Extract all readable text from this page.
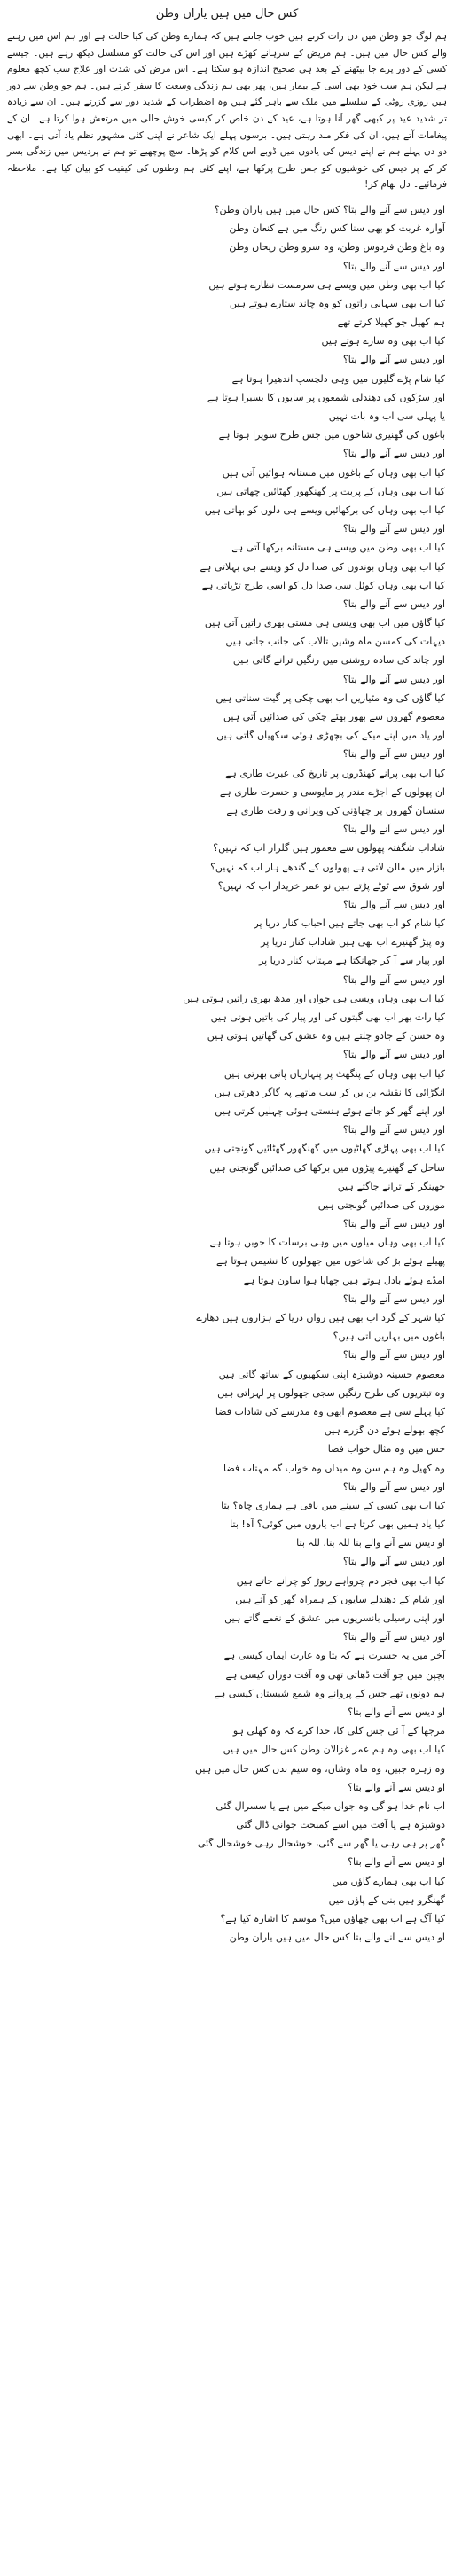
کس حال میں ہیں یاران وطن

ہم لوگ جو وطن میں دن رات کرتے ہیں خوب جانتے ہیں کہ ہمارے وطن کی کیا حالت ہے اور ہم اس میں رہنے والے کس حال میں ہیں۔ ہم مریض کے سرہانے کھڑے ہیں اور اس کی حالت کو مسلسل دیکھ رہے ہیں۔ جیسے کسی کے دور پرے جا بیٹھنے کے بعد ہی صحیح اندازہ ہو سکتا ہے۔ اس مرض کی شدت اور علاج سب کچھ معلوم ہے لیکن ہم سب خود بھی اسی کے بیمار ہیں، پھر بھی ہم زندگی وسعت کا سفر کرتے ہیں۔ ہم جو وطن سے دور ہیں روزی روٹی کے سلسلے میں ملک سے باہر گئے ہیں وہ اضطراب کے شدید دور سے گزرتے ہیں۔ ان سے زیادہ تر شدید عید پر کبھی گھر آنا ہوتا ہے، عید کے دن خاص کر کیسی خوش حالی میں مرتعش ہوا کرتا ہے۔ ان کے پیغامات آتے ہیں، ان کی فکر مند رہتی ہیں۔ برسوں پہلے ایک شاعر نے اپنی کئی مشہور نظم یاد آتی ہے۔ ابھی دو دن پہلے ہم نے اپنے دیس کی یادوں میں ڈوبے اس کلام کو پڑھا۔ سچ پوچھیے تو ہم نے پردیس میں زندگی بسر کر کے پر دیس کی خوشیوں کو جس طرح پرکھا ہے، اپنے کئی ہم وطنوں کی کیفیت کو بیان کیا ہے۔ ملاحظہ فرمائیے۔ دل تھام کر!

اور دیس سے آنے والے بتا؟ کس حال میں ہیں یاران وطن؟
آوارہ غربت کو بھی سنا کس رنگ میں ہے کنعان وطن
وہ باغ وطن فردوس وطن، وہ سرو وطن ریحان وطن
اور دیس سے آنے والے بتا؟
کیا اب بھی وطن میں ویسے ہی سرمست نظارے ہوتے ہیں
کیا اب بھی سہانی راتوں کو وہ چاند ستارے ہوتے ہیں
ہم کھیل جو کھیلا کرتے تھے
کیا اب بھی وہ سارے ہوتے ہیں
اور دیس سے آنے والے بتا؟
کیا شام پڑے گلیوں میں وہی دلچسپ اندھیرا ہوتا ہے
اور سڑکوں کی دھندلی شمعوں پر سایوں کا بسیرا ہوتا ہے
یا پہلی سی اب وہ بات نہیں
باغوں کی گھنیری شاخوں میں جس طرح سویرا ہوتا ہے
اور دیس سے آنے والے بتا؟
کیا اب بھی وہاں کے باغوں میں مستانہ ہوائیں آتی ہیں
کیا اب بھی وہاں کے پربت پر گھنگھور گھٹائیں چھاتی ہیں
کیا اب بھی وہاں کی برکھائیں ویسے ہی دلوں کو بھاتی ہیں
اور دیس سے آنے والے بتا؟
کیا اب بھی وطن میں ویسے ہی مستانہ برکھا آتی ہے
کیا اب بھی وہاں بوندوں کی صدا دل کو ویسے ہی بہلاتی ہے
کیا اب بھی وہاں کوئل سی صدا دل کو اسی طرح تڑپاتی ہے
اور دیس سے آنے والے بتا؟
کیا گاؤں میں اب بھی ویسی ہی مستی بھری راتیں آتی ہیں
دیہات کی کمسن ماہ وشیں تالاب کی جانب جاتی ہیں
اور چاند کی سادہ روشنی میں رنگین ترانے گاتی ہیں
اور دیس سے آنے والے بتا؟
کیا گاؤں کی وہ مٹیاریں اب بھی چکی پر گیت سناتی ہیں
معصوم گھروں سے بھور بھئے چکی کی صدائیں آتی ہیں
اور یاد میں اپنے میکے کی بچھڑی ہوئی سکھیاں گاتی ہیں
اور دیس سے آنے والے بتا؟
کیا اب بھی پرانے کھنڈروں پر تاریخ کی عبرت طاری ہے
ان پھولوں کے اجڑے مندر پر مایوسی و حسرت طاری ہے
سنسان گھروں پر چھاؤنی کی ویرانی و رقت طاری ہے
اور دیس سے آنے والے بتا؟
شاداب شگفتہ پھولوں سے معمور ہیں گلزار اب کہ نہیں؟
بازار میں مالن لاتی ہے پھولوں کے گندھے ہار اب کہ نہیں؟
اور شوق سے ٹوٹے پڑتے ہیں نو عمر خریدار اب کہ نہیں؟
اور دیس سے آنے والے بتا؟
کیا شام کو اب بھی جاتے ہیں احباب کنار دریا پر
وہ پیڑ گھنیرے اب بھی ہیں شاداب کنار دریا پر
اور پیار سے آ کر جھانکتا ہے مہتاب کنار دریا پر
اور دیس سے آنے والے بتا؟
کیا اب بھی وہاں ویسی ہی جواں اور مدھ بھری راتیں ہوتی ہیں
کیا رات بھر اب بھی گیتوں کی اور پیار کی باتیں ہوتی ہیں
وہ حسن کے جادو چلتے ہیں وہ عشق کی گھاتیں ہوتی ہیں
اور دیس سے آنے والے بتا؟
کیا اب بھی وہاں کے پنگھٹ پر پنہاریاں پانی بھرتی ہیں
انگڑائی کا نقشہ بن بن کر سب ماتھے پہ گاگر دھرتی ہیں
اور اپنے گھر کو جاتے ہوئے ہنستی ہوئی چہلیں کرتی ہیں
اور دیس سے آنے والے بتا؟
کیا اب بھی پہاڑی گھاٹیوں میں گھنگھور گھٹائیں گونجتی ہیں
ساحل کے گھنیرے پیڑوں میں برکھا کی صدائیں گونجتی ہیں
جھینگر کے ترانے جاگتے ہیں
موروں کی صدائیں گونجتی ہیں
اور دیس سے آنے والے بتا؟
کیا اب بھی وہاں میلوں میں وہی برسات کا جوبن ہوتا ہے
پھیلے ہوئے بڑ کی شاخوں میں جھولوں کا نشیمن ہوتا ہے
امڈے ہوئے بادل ہوتے ہیں چھایا ہوا ساون ہوتا ہے
اور دیس سے آنے والے بتا؟
کیا شہر کے گرد اب بھی ہیں رواں دریا کے ہزاروں ہیں دھارے
باغوں میں بہاریں آتی ہیں؟
اور دیس سے آنے والے بتا؟
معصوم حسینہ دوشیزہ اپنی سکھیوں کے ساتھ گاتی ہیں
وہ تیتریوں کی طرح رنگین سجی جھولوں پر لہراتی ہیں
کیا پہلے سی ہے معصوم ابھی وہ مدرسے کی شاداب فضا
کچھ بھولے ہوئے دن گزرے ہیں
جس میں وہ مثال خواب فضا
وہ کھیل وہ ہم سن وہ میداں وہ خواب گہ مہتاب فضا
اور دیس سے آنے والے بتا؟
کیا اب بھی کسی کے سینے میں باقی ہے ہماری چاہ؟ بتا
کیا یاد ہمیں بھی کرتا ہے اب یاروں میں کوئی؟ آہ! بتا
او دیس سے آنے والے بتا للہ بتا، للہ بتا
اور دیس سے آنے والے بتا؟
کیا اب بھی فجر دم چرواہے ریوڑ کو چرانے جاتے ہیں
اور شام کے دھندلے سایوں کے ہمراہ گھر کو آتے ہیں
اور اپنی رسیلی بانسریوں میں عشق کے نغمے گاتے ہیں
اور دیس سے آنے والے بتا؟
آخر میں یہ حسرت ہے کہ بتا وہ غارت ایماں کیسی ہے
بچپن میں جو آفت ڈھاتی تھی وہ آفت دوراں کیسی ہے
ہم دونوں تھے جس کے پروانے وہ شمع شبستاں کیسی ہے
او دیس سے آنے والے بتا؟
مرجھا کے آ ئی جس کلی کا، خدا کرے کہ وہ کھلی ہو
کیا اب بھی وہ ہم عمر غزالان وطن کس حال میں ہیں
وہ زہرہ جبیں، وہ ماہ وشاں، وہ سیم بدن کس حال میں ہیں
او دیس سے آنے والے بتا؟
اب نام خدا ہو گی وہ جواں میکے میں ہے یا سسرال گئی
دوشیزہ ہے یا آفت میں اسے کمبخت جوانی ڈال گئی
گھر پر ہی رہی یا گھر سے گئی، خوشحال رہی خوشحال گئی
او دیس سے آنے والے بتا؟
کیا اب بھی ہمارے گاؤں میں
گھنگرو ہیں بنی کے پاؤں میں
کیا آگ ہے اب بھی چھاؤں میں؟ موسم کا اشارہ کیا ہے؟
او دیس سے آنے والے بتا کس حال میں ہیں یاران وطن
